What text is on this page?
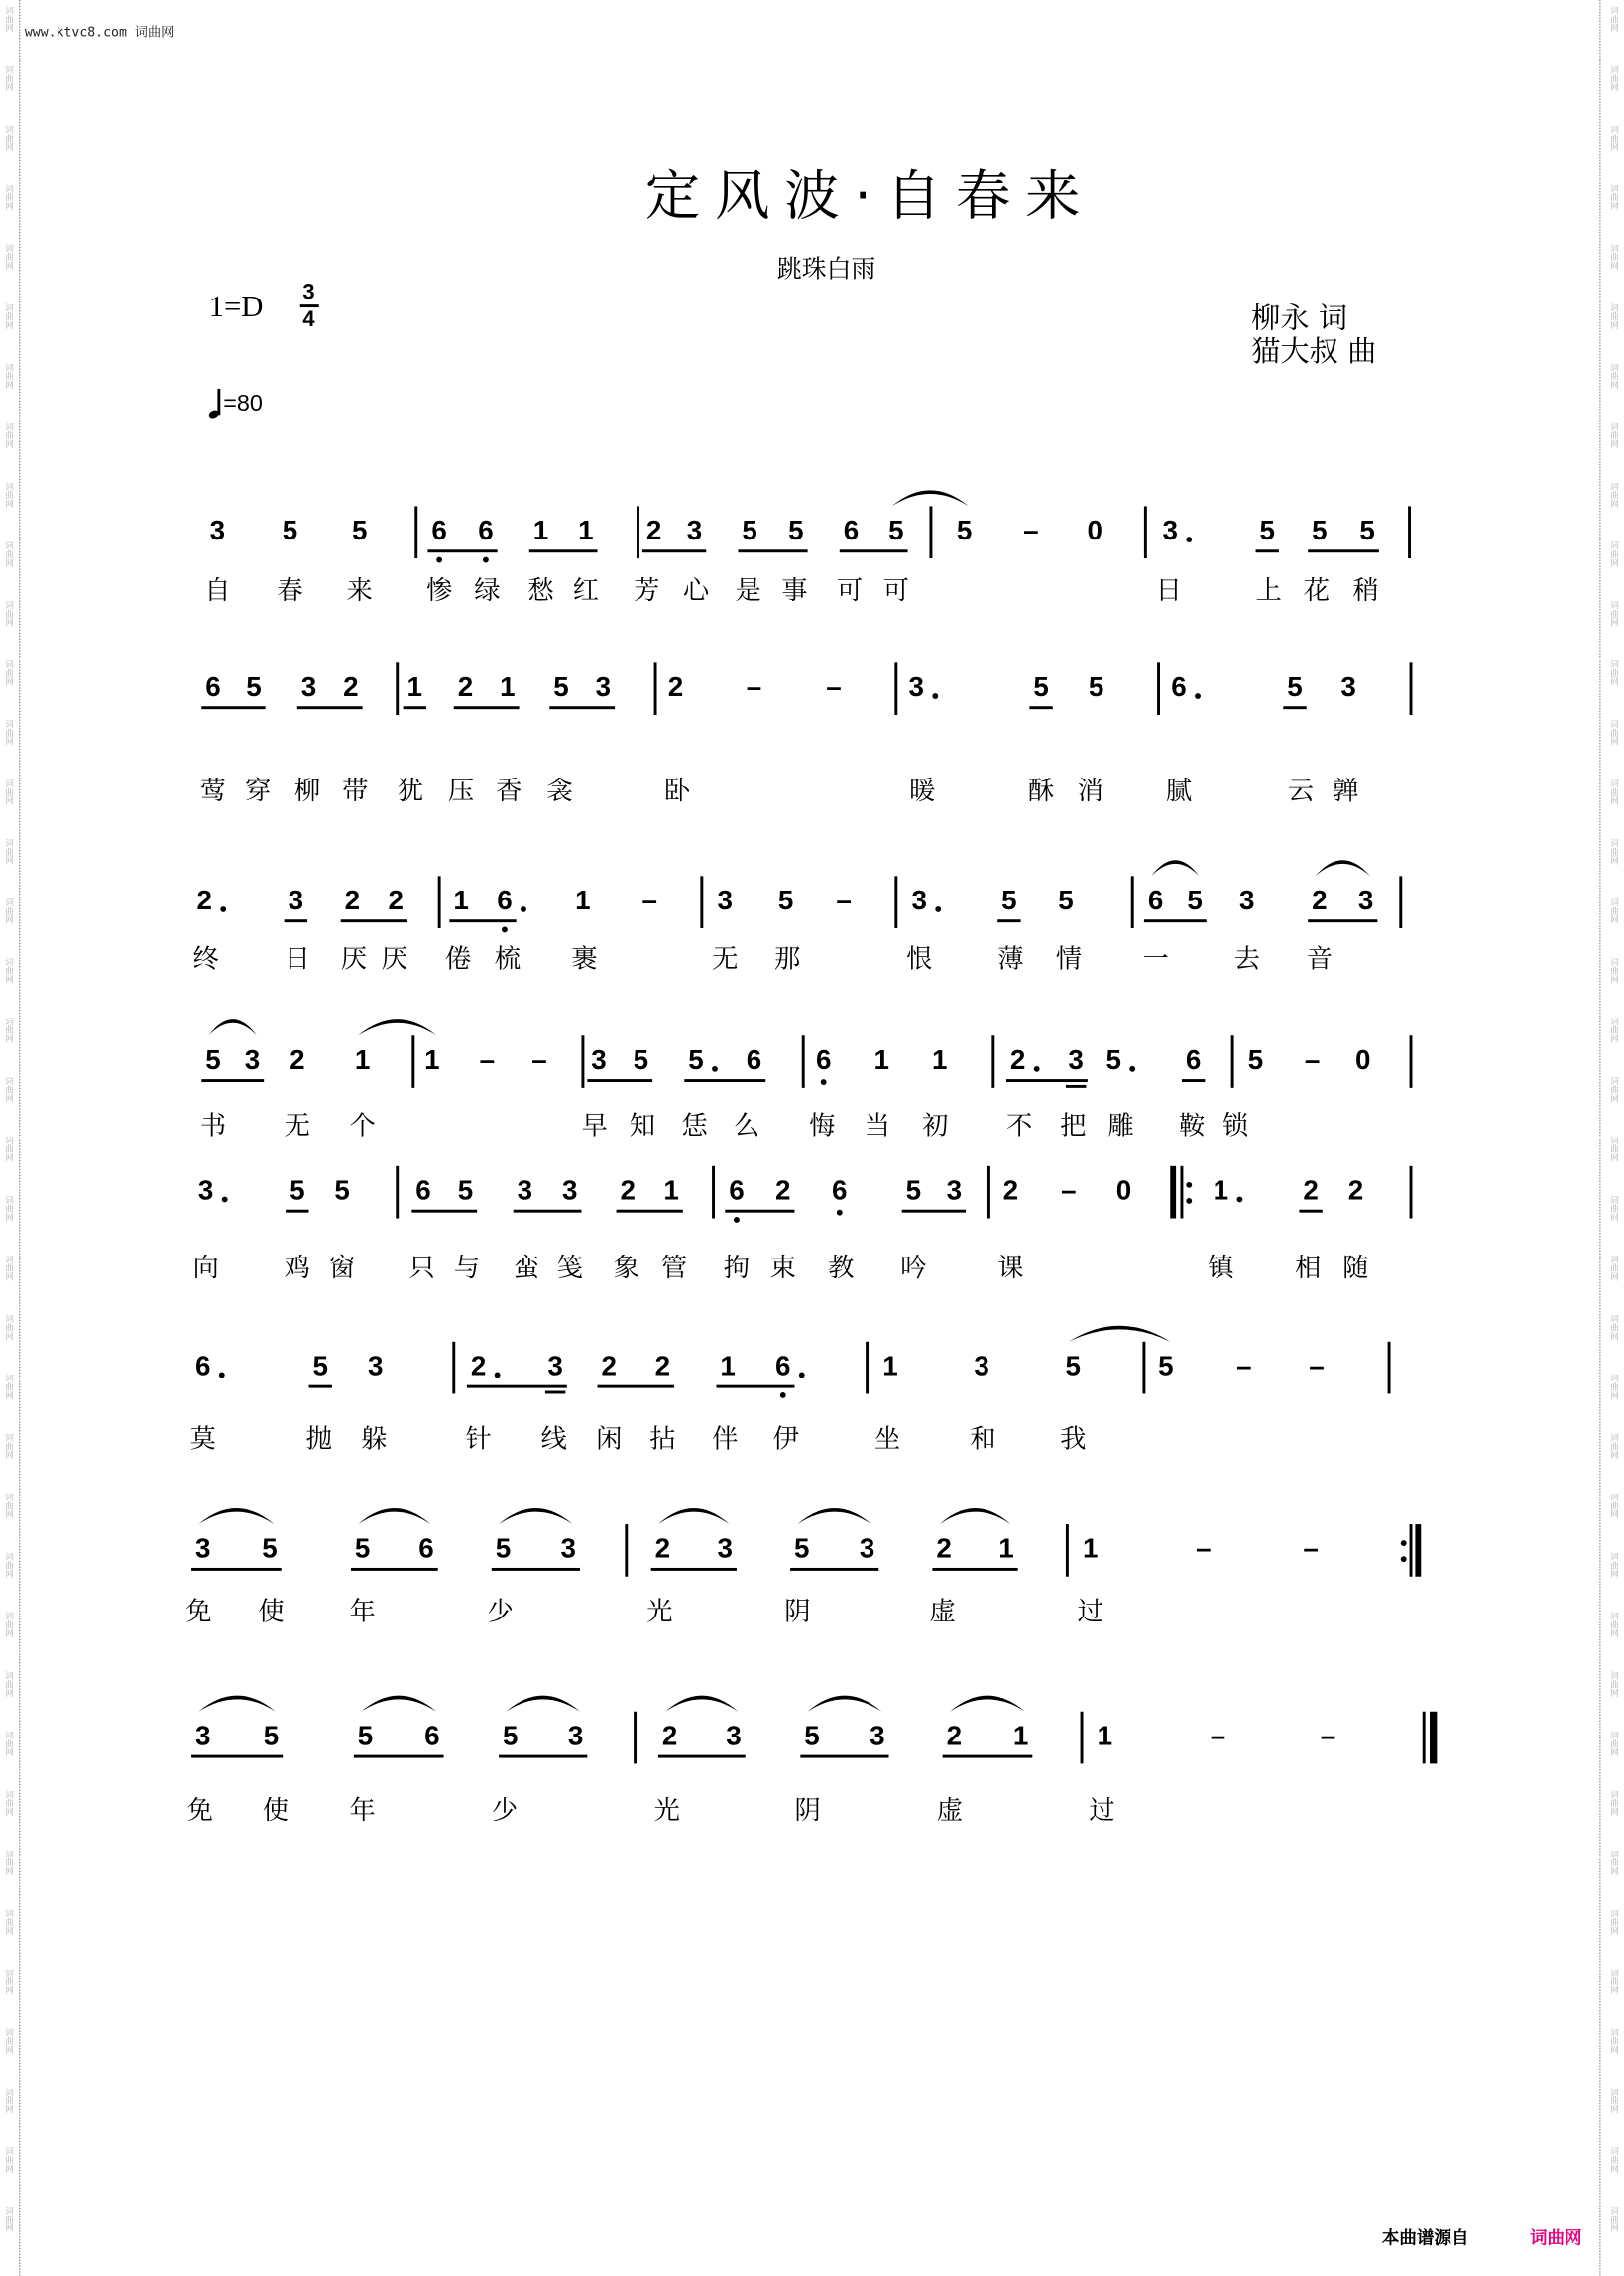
词曲网	词曲网
词曲网	词曲网
词曲网	词曲网
词曲网	词曲网
词曲网	词曲网
词曲网	词曲网
词曲网	词曲网
词曲网	词曲网
词曲网	词曲网
词曲网	词曲网
词曲网	词曲网
词曲网	词曲网
词曲网	词曲网
词曲网	词曲网
词曲网	词曲网
词曲网	词曲网
词曲网	词曲网
词曲网	词曲网
词曲网	词曲网
词曲网	词曲网
词曲网	词曲网
词曲网	词曲网
词曲网	词曲网
词曲网	词曲网
词曲网	词曲网
词曲网	词曲网
词曲网	词曲网
词曲网	词曲网
词曲网	词曲网
词曲网	词曲网
词曲网	词曲网
词曲网	词曲网
词曲网	词曲网
词曲网	词曲网
词曲网	词曲网
词曲网	词曲网
词曲网	词曲网
词曲网	词曲网
www.ktvc8.com 词曲网
定风波·自春来
跳珠白雨
1=D	3
4	柳永 词
猫大叔 曲
=80
3	5	5	6	6	1	1	2	3	5	5	6	5	5	–	0	3	5	5	5
自	春 来	惨 绿 愁 红 芳 心 是 事 可 可	日	上 花 稍
6	5	3	2	1	2	1	5	3	2	–	–	3	5	5	6	5	3
莺 穿 柳 带 犹 压 香 衾	卧	暖	酥 消	腻	云 亸
2	3	2	2	1	6	1	–	3	5	–	3	5	5	6	5	3	2	3
终	日 厌 厌 倦 梳	裹	无 那	恨	薄 情	一	去	音
5	3	2	1	1	–	–	3	5	5	6	6	1	1	2	3	5	6	5	–	0
书	无 个	早 知 恁 么	悔 当 初	不 把 雕	鞍 锁
3	5	5	6	5	3	3	2	1	6	2	6	5	3	2	–	0	1	2	2
向	鸡 窗	只 与 蛮 笺 象 管 拘 束 教	吟	课	镇	相 随
6	5	3	2	3	2	2	1	6	1	3	5	5	–	–
莫	抛 躲	针	线 闲 拈 伴 伊	坐	和	我
3	5	5	6	5	3	2	3	5	3	2	1	1	–	–
免	使	年	少	光	阴	虚	过
3	5	5	6	5	3	2	3	5	3	2	1	1	–	–
免	使	年	少	光	阴	虚	过
本曲谱源自	词曲网
